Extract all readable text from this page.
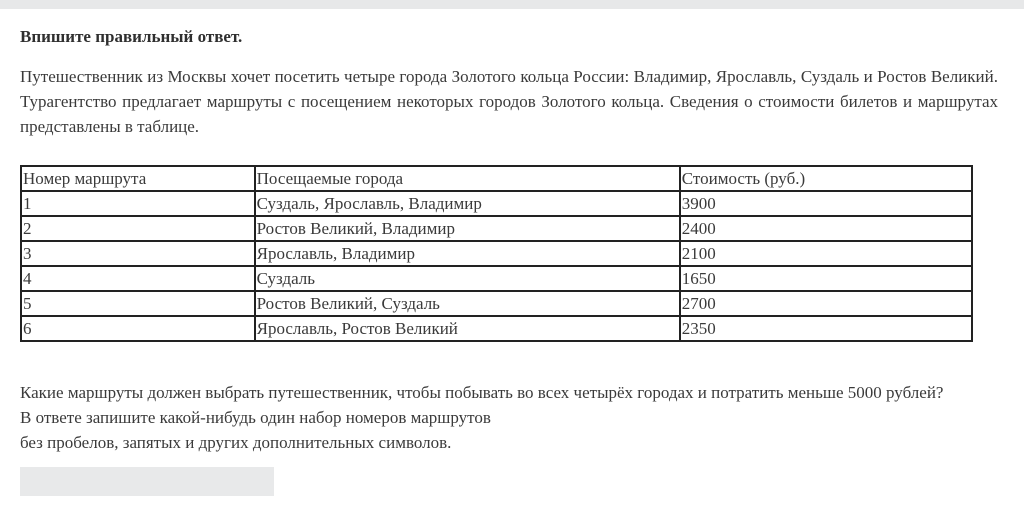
Впишите правильный ответ.

Путешественник из Москвы хочет посетить четыре города Золотого кольца России: Владимир, Ярославль, Суздаль и Ростов Великий. Турагентство предлагает маршруты с посещением некоторых городов Золотого кольца. Сведения о стоимости билетов и маршрутах представлены в таблице.

Номер маршрута	Посещаемые города	Стоимость (руб.)
1	Суздаль, Ярославль, Владимир	3900
2	Ростов Великий, Владимир	2400
3	Ярославль, Владимир	2100
4	Суздаль	1650
5	Ростов Великий, Суздаль	2700
6	Ярославль, Ростов Великий	2350

Какие маршруты должен выбрать путешественник, чтобы побывать во всех четырёх городах и потратить меньше 5000 рублей?

В ответе запишите какой-нибудь один набор номеров маршрутов

без пробелов, запятых и других дополнительных символов.
